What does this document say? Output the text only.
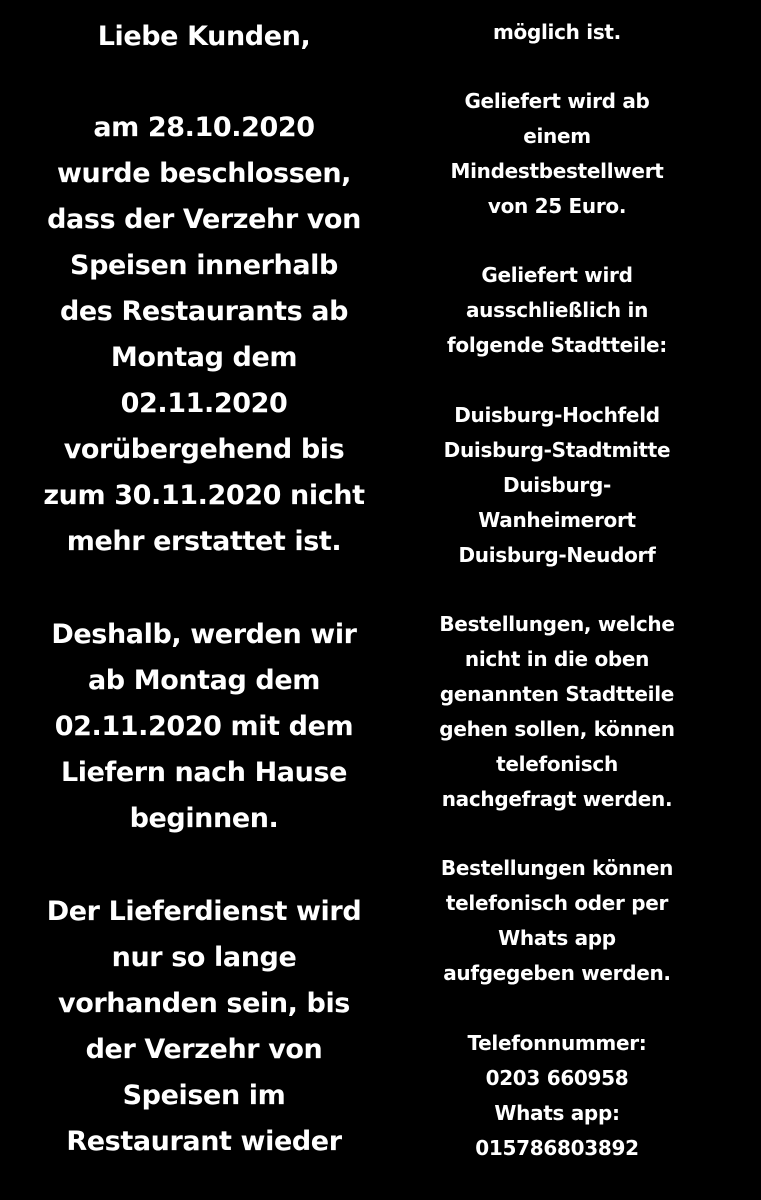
Liebe Kunden,
am 28.10.2020
wurde beschlossen,
dass der Verzehr von
Speisen innerhalb
des Restaurants ab
Montag dem
02.11.2020
vorübergehend bis
zum 30.11.2020 nicht
mehr erstattet ist.
Deshalb, werden wir
ab Montag dem
02.11.2020 mit dem
Liefern nach Hause
beginnen.
Der Lieferdienst wird
nur so lange
vorhanden sein, bis
der Verzehr von
Speisen im
Restaurant wieder
möglich ist.
Geliefert wird ab
einem
Mindestbestellwert
von 25 Euro.
Geliefert wird
ausschließlich in
folgende Stadtteile:
Duisburg-Hochfeld
Duisburg-Stadtmitte
Duisburg-
Wanheimerort
Duisburg-Neudorf
Bestellungen, welche
nicht in die oben
genannten Stadtteile
gehen sollen, können
telefonisch
nachgefragt werden.
Bestellungen können
telefonisch oder per
Whats app
aufgegeben werden.
Telefonnummer:
0203 660958
Whats app:
015786803892
